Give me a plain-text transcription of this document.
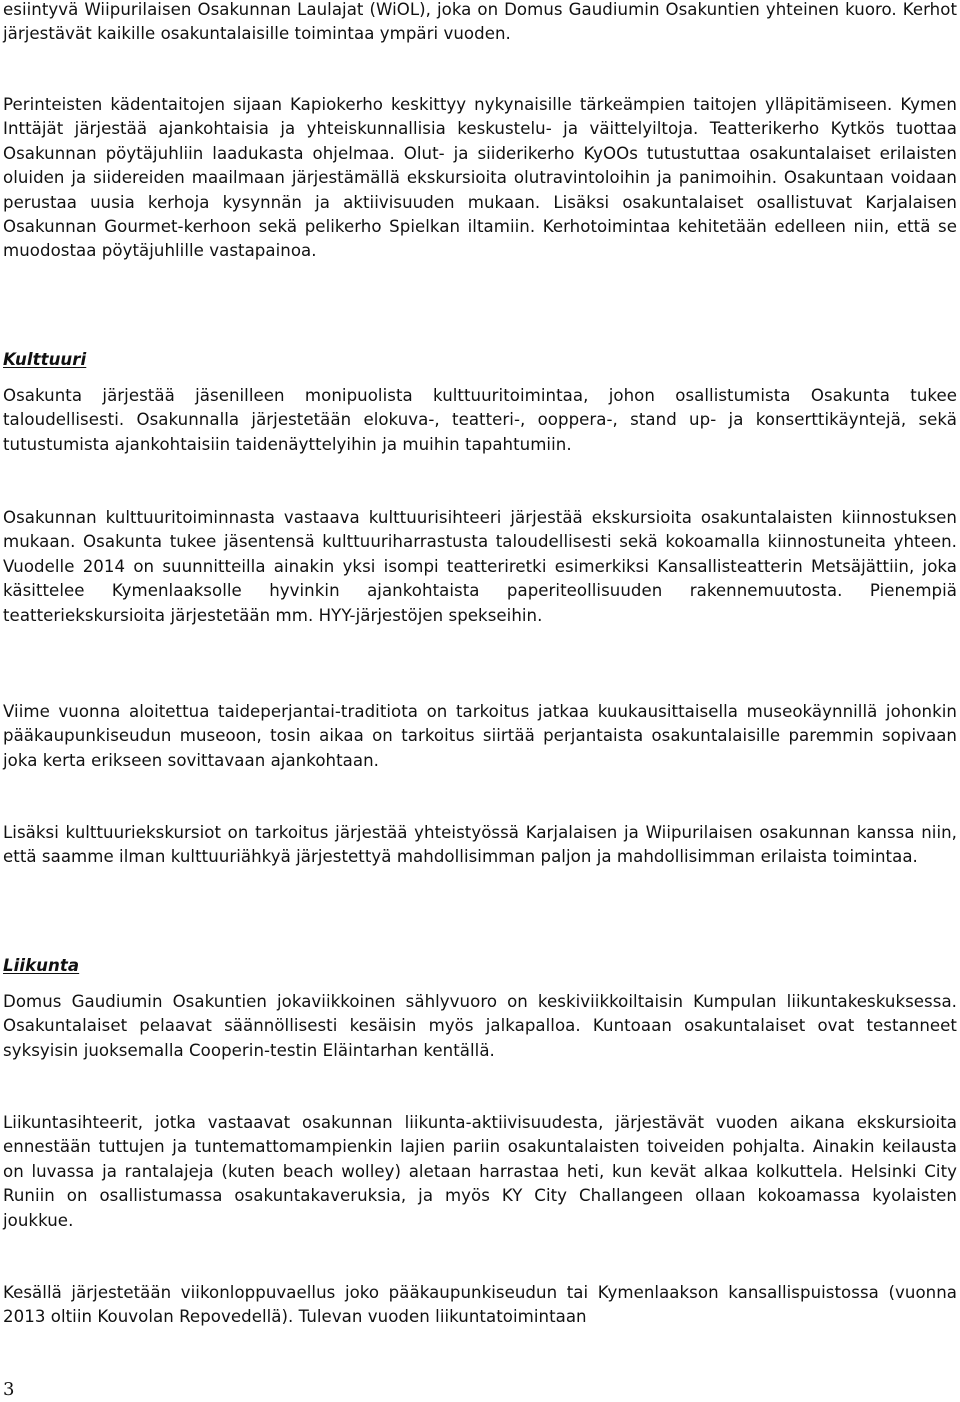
esiintyvä Wiipurilaisen Osakunnan Laulajat (WiOL), joka on Domus Gaudiumin Osakuntien yhteinen kuoro. Kerhot järjestävät kaikille osakuntalaisille toimintaa ympäri vuoden.

Perinteisten kädentaitojen sijaan Kapiokerho keskittyy nykynaisille tärkeämpien taitojen ylläpitämiseen. Kymen Inttäjät järjestää ajankohtaisia ja yhteiskunnallisia keskustelu- ja väittelyiltoja. Teatterikerho Kytkös tuottaa Osakunnan pöytäjuhliin laadukasta ohjelmaa. Olut- ja siiderikerho KyOOs tutustuttaa osakuntalaiset erilaisten oluiden ja siidereiden maailmaan järjestämällä ekskursioita olutravintoloihin ja panimoihin. Osakuntaan voidaan perustaa uusia kerhoja kysynnän ja aktiivisuuden mukaan. Lisäksi osakuntalaiset osallistuvat Karjalaisen Osakunnan Gourmet-kerhoon sekä pelikerho Spielkan iltamiin. Kerhotoimintaa kehitetään edelleen niin, että se muodostaa pöytäjuhlille vastapainoa.

Kulttuuri

Osakunta järjestää jäsenilleen monipuolista kulttuuritoimintaa, johon osallistumista Osakunta tukee taloudellisesti. Osakunnalla järjestetään elokuva-, teatteri-, ooppera-, stand up- ja konserttikäyntejä, sekä tutustumista ajankohtaisiin taidenäyttelyihin ja muihin tapahtumiin.

Osakunnan kulttuuritoiminnasta vastaava kulttuurisihteeri järjestää ekskursioita osakuntalaisten kiinnostuksen mukaan. Osakunta tukee jäsentensä kulttuuriharrastusta taloudellisesti sekä kokoamalla kiinnostuneita yhteen. Vuodelle 2014 on suunnitteilla ainakin yksi isompi teatteriretki esimerkiksi Kansallisteatterin Metsäjättiin, joka käsittelee Kymenlaaksolle hyvinkin ajankohtaista paperiteollisuuden rakennemuutosta. Pienempiä teatteriekskursioita järjestetään mm. HYY-järjestöjen spekseihin.

Viime vuonna aloitettua taideperjantai-traditiota on tarkoitus jatkaa kuukausittaisella museokäynnillä johonkin pääkaupunkiseudun museoon, tosin aikaa on tarkoitus siirtää perjantaista osakuntalaisille paremmin sopivaan joka kerta erikseen sovittavaan ajankohtaan.

Lisäksi kulttuuriekskursiot on tarkoitus järjestää yhteistyössä Karjalaisen ja Wiipurilaisen osakunnan kanssa niin, että saamme ilman kulttuuriähkyä järjestettyä mahdollisimman paljon ja mahdollisimman erilaista toimintaa.

Liikunta

Domus Gaudiumin Osakuntien jokaviikkoinen sählyvuoro on keskiviikkoiltaisin Kumpulan liikuntakeskuksessa. Osakuntalaiset pelaavat säännöllisesti kesäisin myös jalkapalloa. Kuntoaan osakuntalaiset ovat testanneet syksyisin juoksemalla Cooperin-testin Eläintarhan kentällä.

Liikuntasihteerit, jotka vastaavat osakunnan liikunta-aktiivisuudesta, järjestävät vuoden aikana ekskursioita ennestään tuttujen ja tuntemattomampienkin lajien pariin osakuntalaisten toiveiden pohjalta. Ainakin keilausta on luvassa ja rantalajeja (kuten beach wolley) aletaan harrastaa heti, kun kevät alkaa kolkuttela. Helsinki City Runiin on osallistumassa osakuntakaveruksia, ja myös KY City Challangeen ollaan kokoamassa kyolaisten joukkue.

Kesällä järjestetään viikonloppuvaellus joko pääkaupunkiseudun tai Kymenlaakson kansallispuistossa (vuonna 2013 oltiin Kouvolan Repovedellä). Tulevan vuoden liikuntatoimintaan

3
